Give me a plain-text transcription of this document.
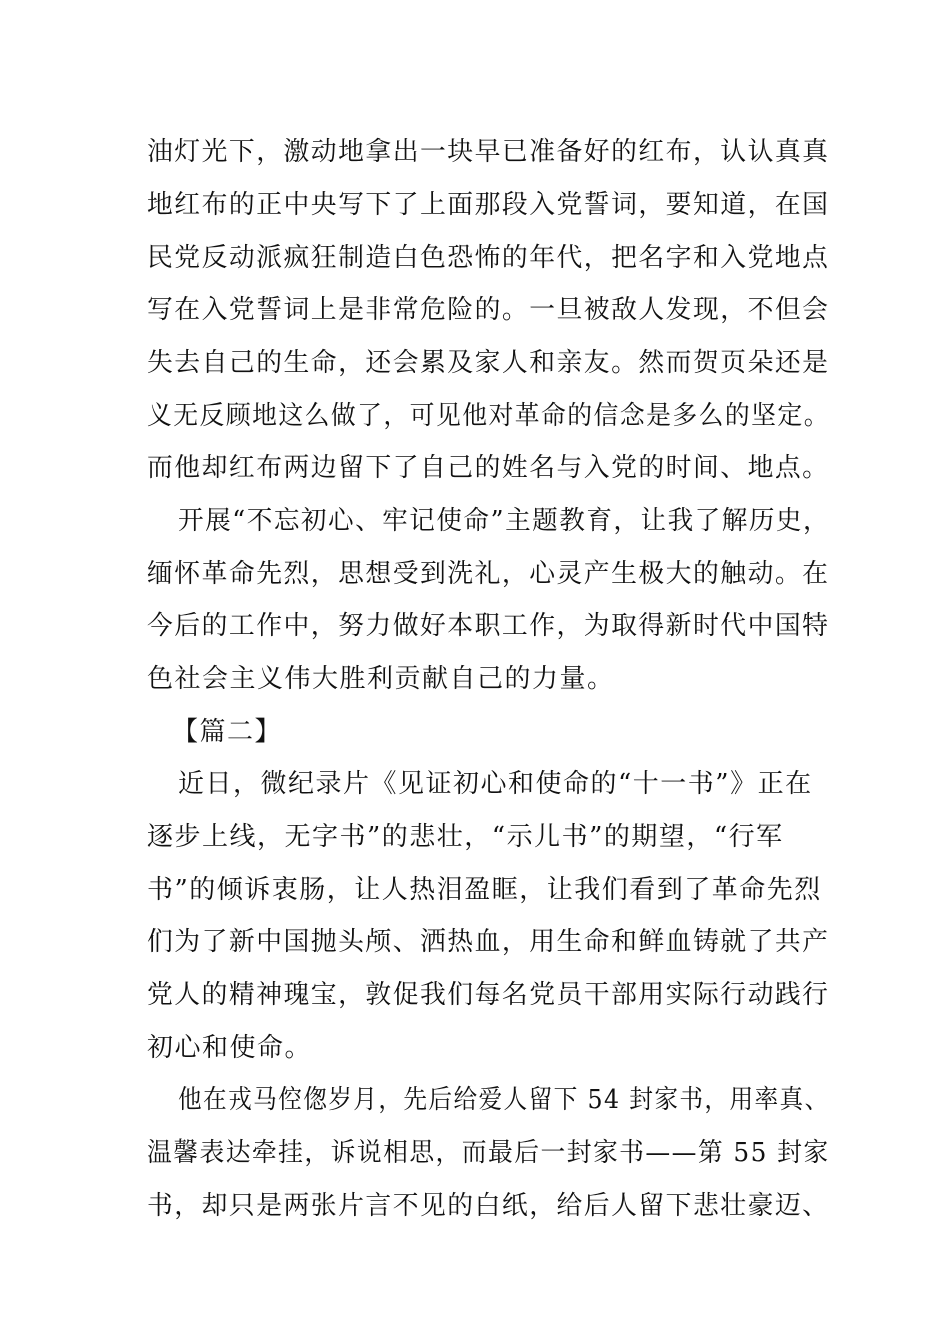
油灯光下，激动地拿出一块早已准备好的红布，认认真真
地红布的正中央写下了上面那段入党誓词，要知道，在国
民党反动派疯狂制造白色恐怖的年代，把名字和入党地点
写在入党誓词上是非常危险的。一旦被敌人发现，不但会
失去自己的生命，还会累及家人和亲友。然而贺页朵还是
义无反顾地这么做了，可见他对革命的信念是多么的坚定。
而他却红布两边留下了自己的姓名与入党的时间、地点。
开展“不忘初心、牢记使命”主题教育，让我了解历史，
缅怀革命先烈，思想受到洗礼，心灵产生极大的触动。在
今后的工作中，努力做好本职工作，为取得新时代中国特
色社会主义伟大胜利贡献自己的力量。
【篇二】
近日，微纪录片《见证初心和使命的“十一书”》正在
逐步上线，无字书”的悲壮，“示儿书”的期望，“行军
书”的倾诉衷肠，让人热泪盈眶，让我们看到了革命先烈
们为了新中国抛头颅、洒热血，用生命和鲜血铸就了共产
党人的精神瑰宝，敦促我们每名党员干部用实际行动践行
初心和使命。
他在戎马倥偬岁月，先后给爱人留下 54 封家书，用率真、
温馨表达牵挂，诉说相思，而最后一封家书——第 55 封家
书，却只是两张片言不见的白纸，给后人留下悲壮豪迈、
